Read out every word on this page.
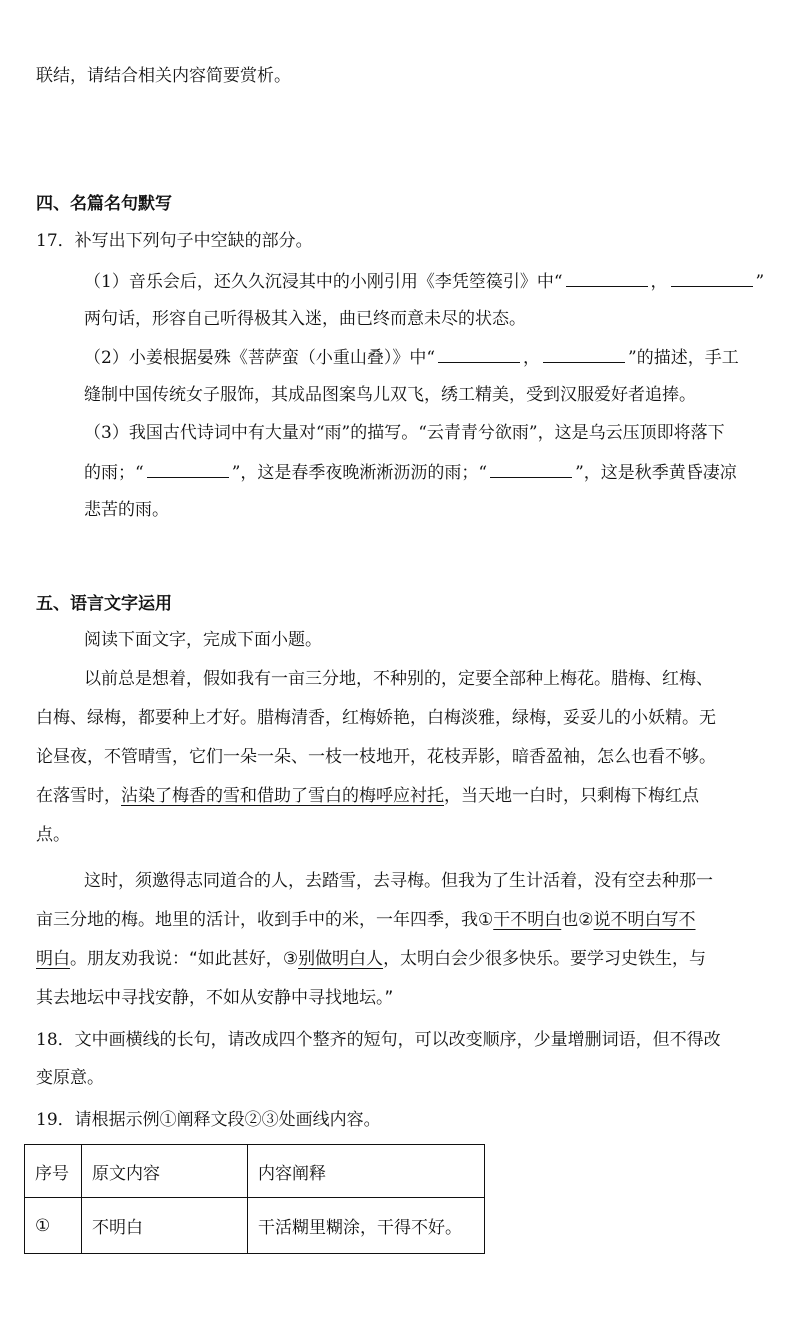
联结，请结合相关内容简要赏析。
四、名篇名句默写
17．补写出下列句子中空缺的部分。
（1）音乐会后，还久久沉浸其中的小刚引用《李凭箜篌引》中“	，	”
两句话，形容自己听得极其入迷，曲已终而意未尽的状态。
（2）小姜根据晏殊《菩萨蛮（小重山叠）》中“	，	”的描述，手工
缝制中国传统女子服饰，其成品图案鸟儿双飞，绣工精美，受到汉服爱好者追捧。
（3）我国古代诗词中有大量对“雨”的描写。“云青青兮欲雨”，这是乌云压顶即将落下
的雨；“	”，这是春季夜晚淅淅沥沥的雨；“	”，这是秋季黄昏凄凉
悲苦的雨。
五、语言文字运用
阅读下面文字，完成下面小题。
以前总是想着，假如我有一亩三分地，不种别的，定要全部种上梅花。腊梅、红梅、
白梅、绿梅，都要种上才好。腊梅清香，红梅娇艳，白梅淡雅，绿梅，妥妥儿的小妖精。无
论昼夜，不管晴雪，它们一朵一朵、一枝一枝地开，花枝弄影，暗香盈袖，怎么也看不够。
在落雪时，沾染了梅香的雪和借助了雪白的梅呼应衬托，当天地一白时，只剩梅下梅红点
点。
这时，须邀得志同道合的人，去踏雪，去寻梅。但我为了生计活着，没有空去种那一
亩三分地的梅。地里的活计，收到手中的米，一年四季，我①干不明白也②说不明白写不
明白。朋友劝我说：“如此甚好，③别做明白人，太明白会少很多快乐。要学习史铁生，与
其去地坛中寻找安静，不如从安静中寻找地坛。”
18．文中画横线的长句，请改成四个整齐的短句，可以改变顺序，少量增删词语，但不得改
变原意。
19．请根据示例①阐释文段②③处画线内容。
序号	原文内容	内容阐释
①	不明白	干活糊里糊涂，干得不好。
